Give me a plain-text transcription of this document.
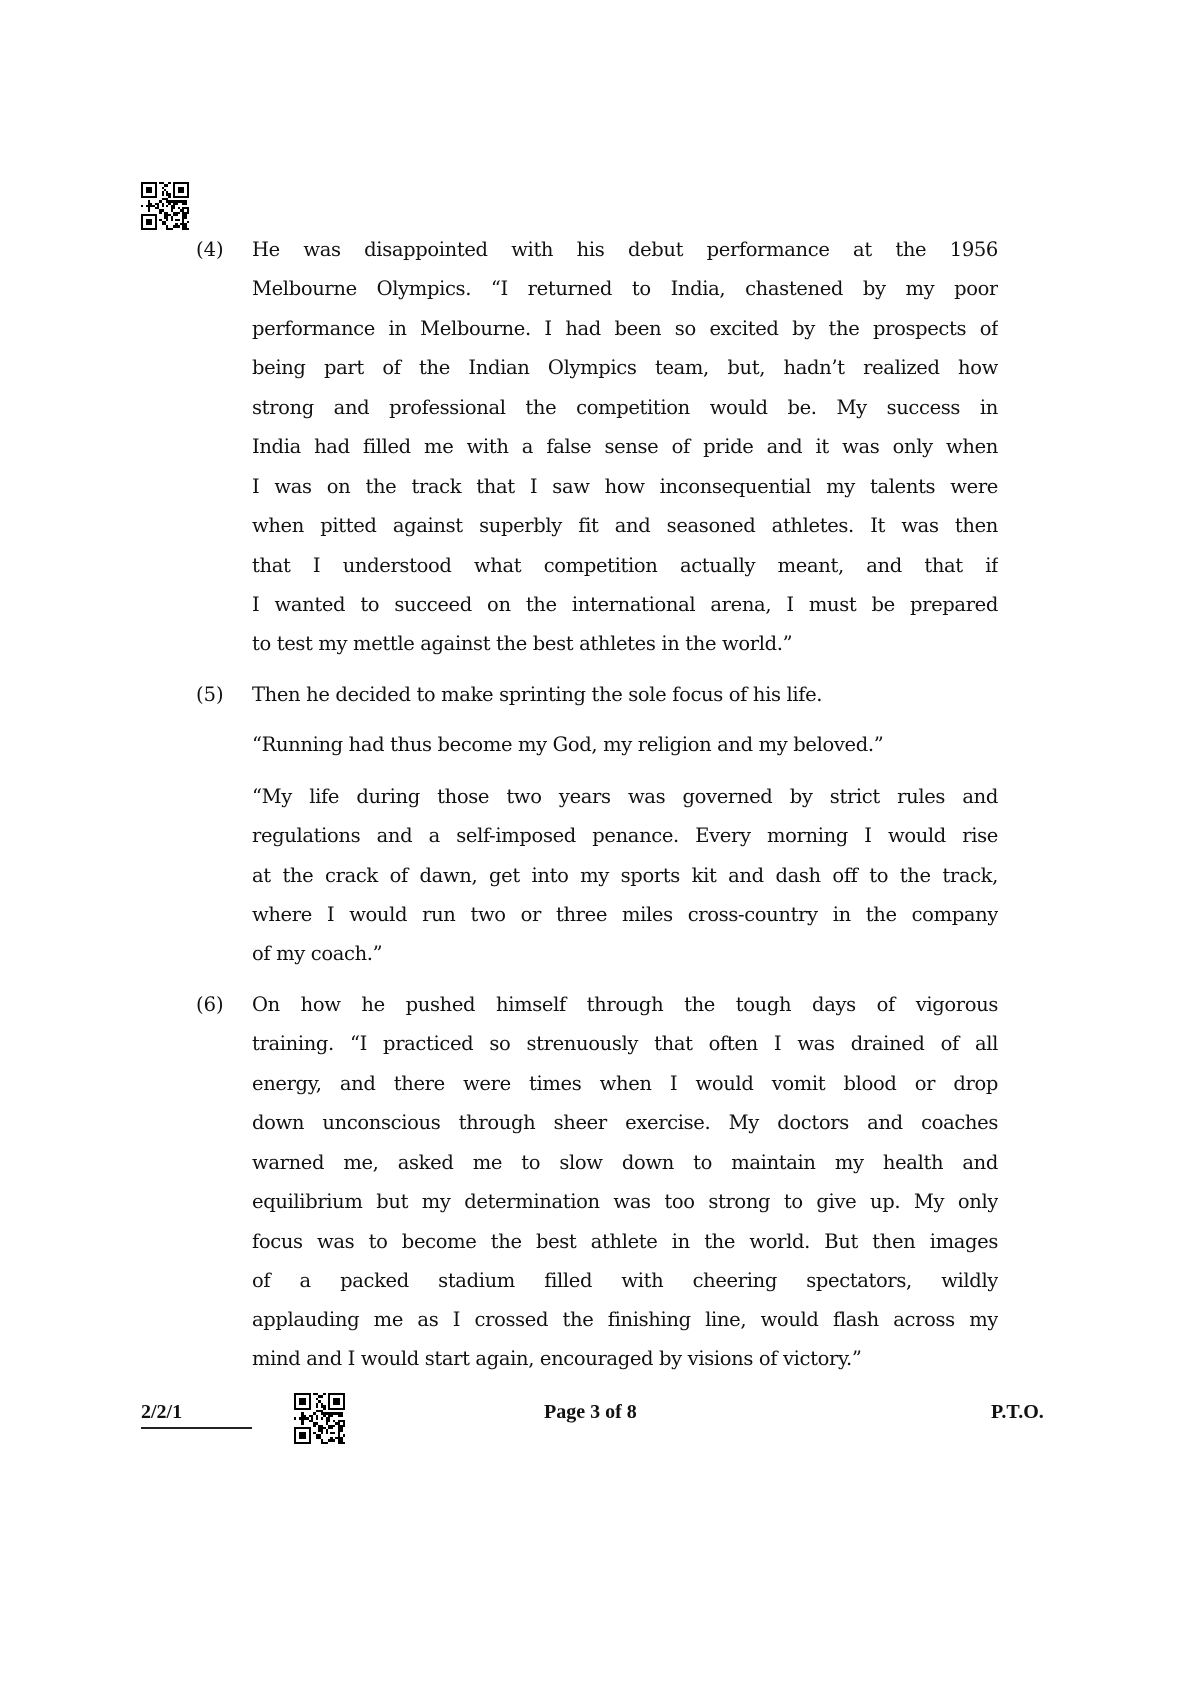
(4)	He was disappointed with his debut performance at the 1956
Melbourne Olympics. “I returned to India, chastened by my poor
performance in Melbourne. I had been so excited by the prospects of
being part of the Indian Olympics team, but, hadn’t realized how
strong and professional the competition would be. My success in
India had filled me with a false sense of pride and it was only when
I was on the track that I saw how inconsequential my talents were
when pitted against superbly fit and seasoned athletes. It was then
that I understood what competition actually meant, and that if
I wanted to succeed on the international arena, I must be prepared
to test my mettle against the best athletes in the world.”
(5)	Then he decided to make sprinting the sole focus of his life.
“Running had thus become my God, my religion and my beloved.”
“My life during those two years was governed by strict rules and
regulations and a self-imposed penance. Every morning I would rise
at the crack of dawn, get into my sports kit and dash off to the track,
where I would run two or three miles cross-country in the company
of my coach.”
(6)	On how he pushed himself through the tough days of vigorous
training. “I practiced so strenuously that often I was drained of all
energy, and there were times when I would vomit blood or drop
down unconscious through sheer exercise. My doctors and coaches
warned me, asked me to slow down to maintain my health and
equilibrium but my determination was too strong to give up. My only
focus was to become the best athlete in the world. But then images
of a packed stadium filled with cheering spectators, wildly
applauding me as I crossed the finishing line, would flash across my
mind and I would start again, encouraged by visions of victory.”
2/2/1	Page 3 of 8	P.T.O.
